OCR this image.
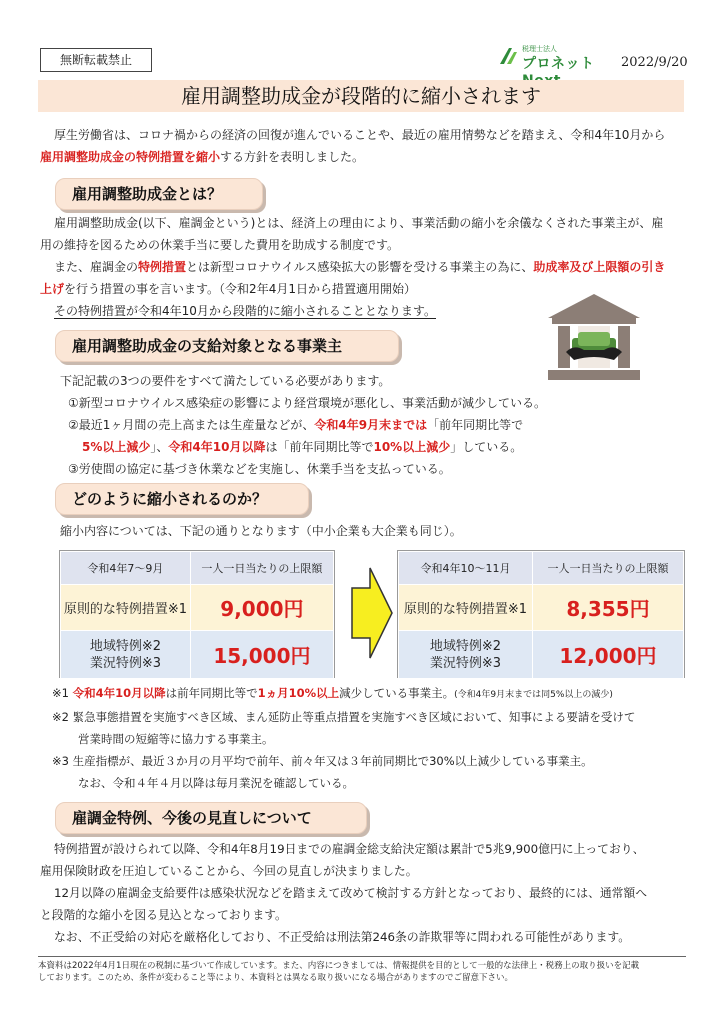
無断転載禁止
税理士法人
プロネット	2022/9/20
雇用調整助成金が段階的に縮小されます

厚生労働省は、コロナ禍からの経済の回復が進んでいることや、最近の雇用情勢などを踏まえ、令和4年10月から

雇用調整助成金の特例措置を縮小する方針を表明しました。

雇用調整助成金とは？

雇用調整助成金(以下、雇調金という)とは、経済上の理由により、事業活動の縮小を余儀なくされた事業主が、雇

用の維持を図るための休業手当に要した費用を助成する制度です。

また、雇調金の特例措置とは新型コロナウイルス感染拡大の影響を受ける事業主の為に、助成率及び上限額の引き

上げを行う措置の事を言います。（令和2年4月1日から措置適用開始）

その特例措置が令和4年10月から段階的に縮小されることとなります。

雇用調整助成金の支給対象となる事業主

下記記載の3つの要件をすべて満たしている必要があります。

①新型コロナウイルス感染症の影響により経営環境が悪化し、事業活動が減少している。

②最近1ヶ月間の売上高または生産量などが、令和4年9月末までは「前年同期比等で

5%以上減少」、令和4年10月以降は「前年同期比等で10%以上減少」している。

③労使間の協定に基づき休業などを実施し、休業手当を支払っている。

どのように縮小されるのか？
縮小内容については、下記の通りとなります（中小企業も大企業も同じ）。
令和4年7～9月	一人一日当たりの上限額
原則的な特例措置※1	9,000円

地域特例※2
業況特例※3	15,000円
令和4年10～11月	一人一日当たりの上限額
原則的な特例措置※1	8,355円

地域特例※2
業況特例※3	12,000円

※1 令和4年10月以降は前年同期比等で1ヵ月10%以上減少している事業主。(令和4年9月末までは同5%以上の減少)

※2 緊急事態措置を実施すべき区域、まん延防止等重点措置を実施すべき区域において、知事による要請を受けて

営業時間の短縮等に協力する事業主。

※3 生産指標が、最近３か月の月平均で前年、前々年又は３年前同期比で30%以上減少している事業主。

なお、令和４年４月以降は毎月業況を確認している。

雇調金特例、今後の見直しについて

特例措置が設けられて以降、令和4年8月19日までの雇調金総支給決定額は累計で5兆9,900億円に上っており、

雇用保険財政を圧迫していることから、今回の見直しが決まりました。

12月以降の雇調金支給要件は感染状況などを踏まえて改めて検討する方針となっており、最終的には、通常額へ

と段階的な縮小を図る見込となっております。

なお、不正受給の対応を厳格化しており、不正受給は刑法第246条の詐欺罪等に問われる可能性があります。

本資料は2022年4月1日現在の税制に基づいて作成しています。また、内容につきましては、情報提供を目的として一般的な法律上・税務上の取り扱いを記載
しております。このため、条件が変わること等により、本資料とは異なる取り扱いになる場合がありますのでご留意下さい。
